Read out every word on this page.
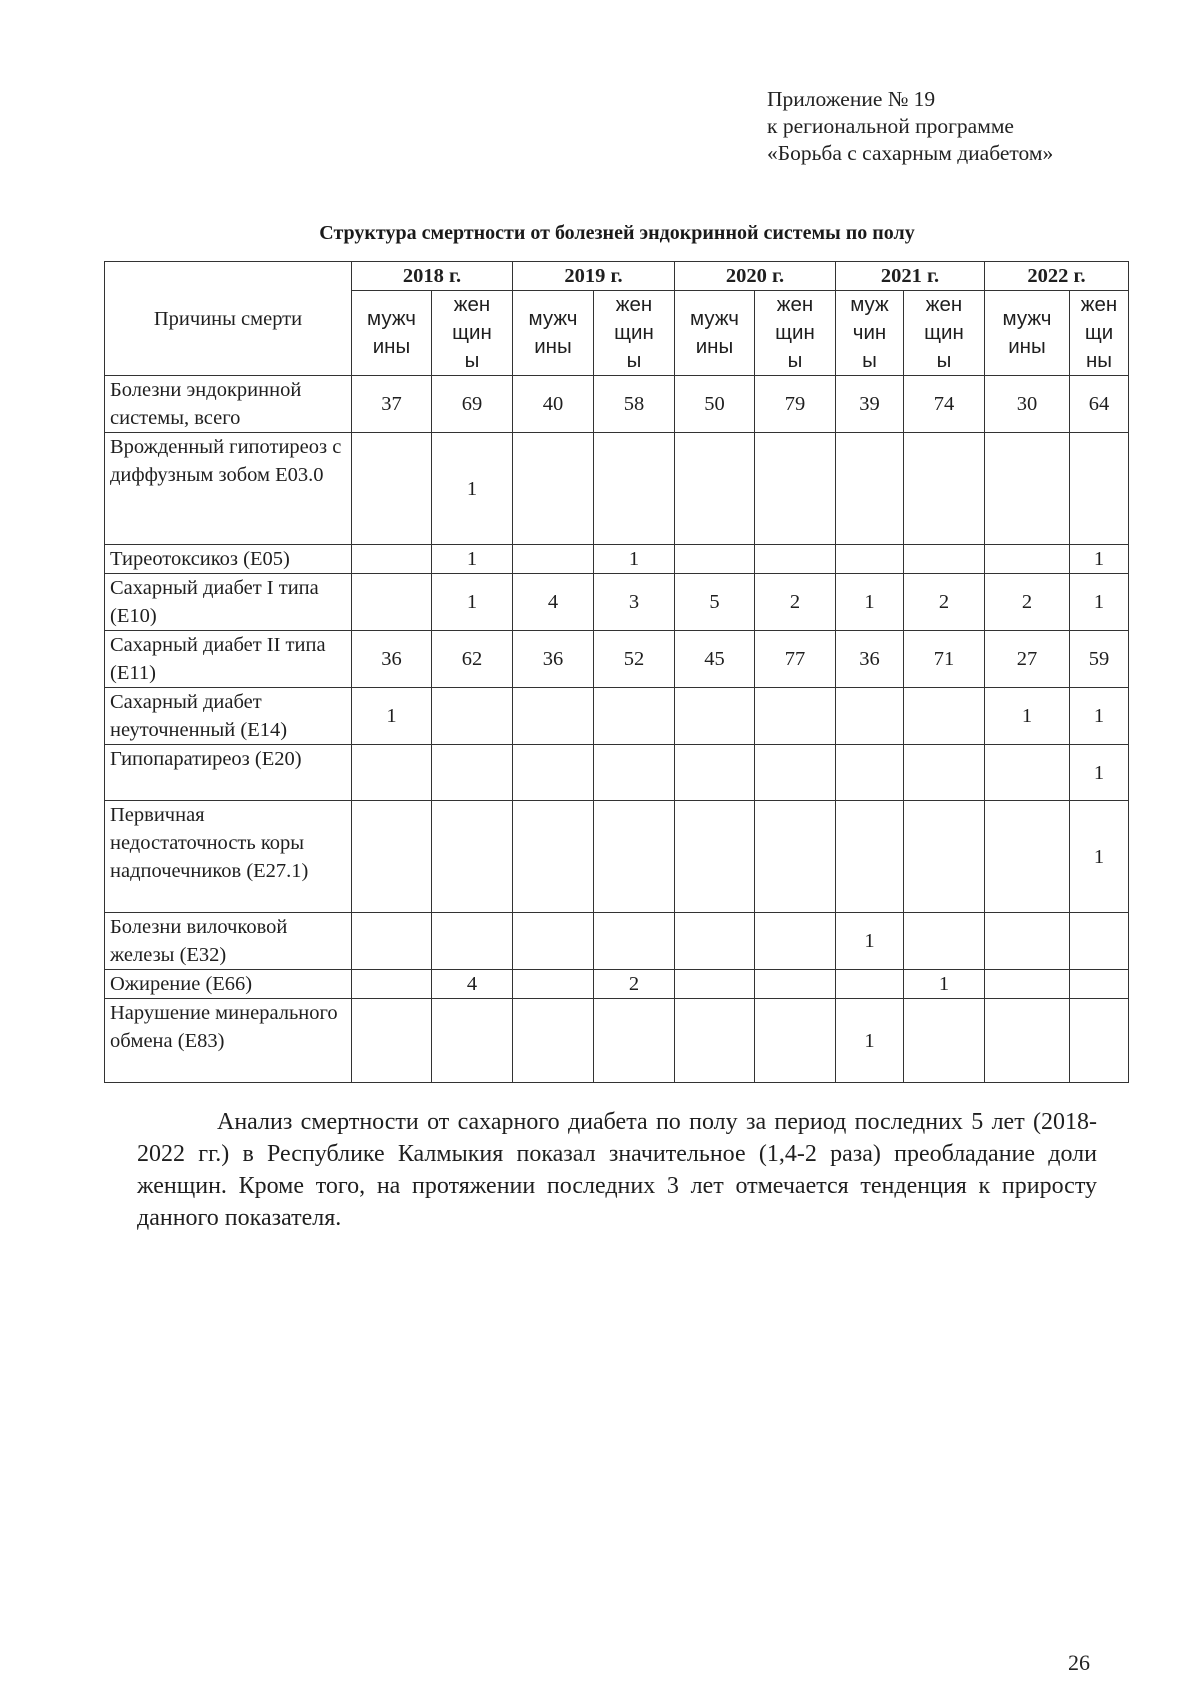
Приложение № 19
к региональной программе
«Борьба с сахарным диабетом»
Структура смертности от болезней эндокринной системы по полу
Причины смерти	2018 г.		2019 г.		2020 г.		2021 г.		2022 г.	
	мужчины	женщины	мужчины	женщины	мужчины	женщины	мужчины	женщины	мужчины	женщины
Болезни эндокринной системы, всего	37	69	40	58	50	79	39	74	30	64
Врожденный гипотиреоз с диффузным зобом E03.0		1								
Тиреотоксикоз (E05)		1		1						1
Сахарный диабет I типа (E10)		1	4	3	5	2	1	2	2	1
Сахарный диабет II типа (E11)	36	62	36	52	45	77	36	71	27	59
Сахарный диабет неуточненный (E14)	1								1	1
Гипопаратиреоз (E20)										1
Первичная недостаточность коры надпочечников (E27.1)										1
Болезни вилочковой железы (E32)							1			
Ожирение (E66)		4		2				1		
Нарушение минерального обмена (E83)							1			
Анализ смертности от сахарного диабета по полу за период последних 5 лет (2018-2022 гг.) в Республике Калмыкия показал значительное (1,4-2 раза) преобладание доли женщин. Кроме того, на протяжении последних 3 лет отмечается тенденция к приросту данного показателя.
26
